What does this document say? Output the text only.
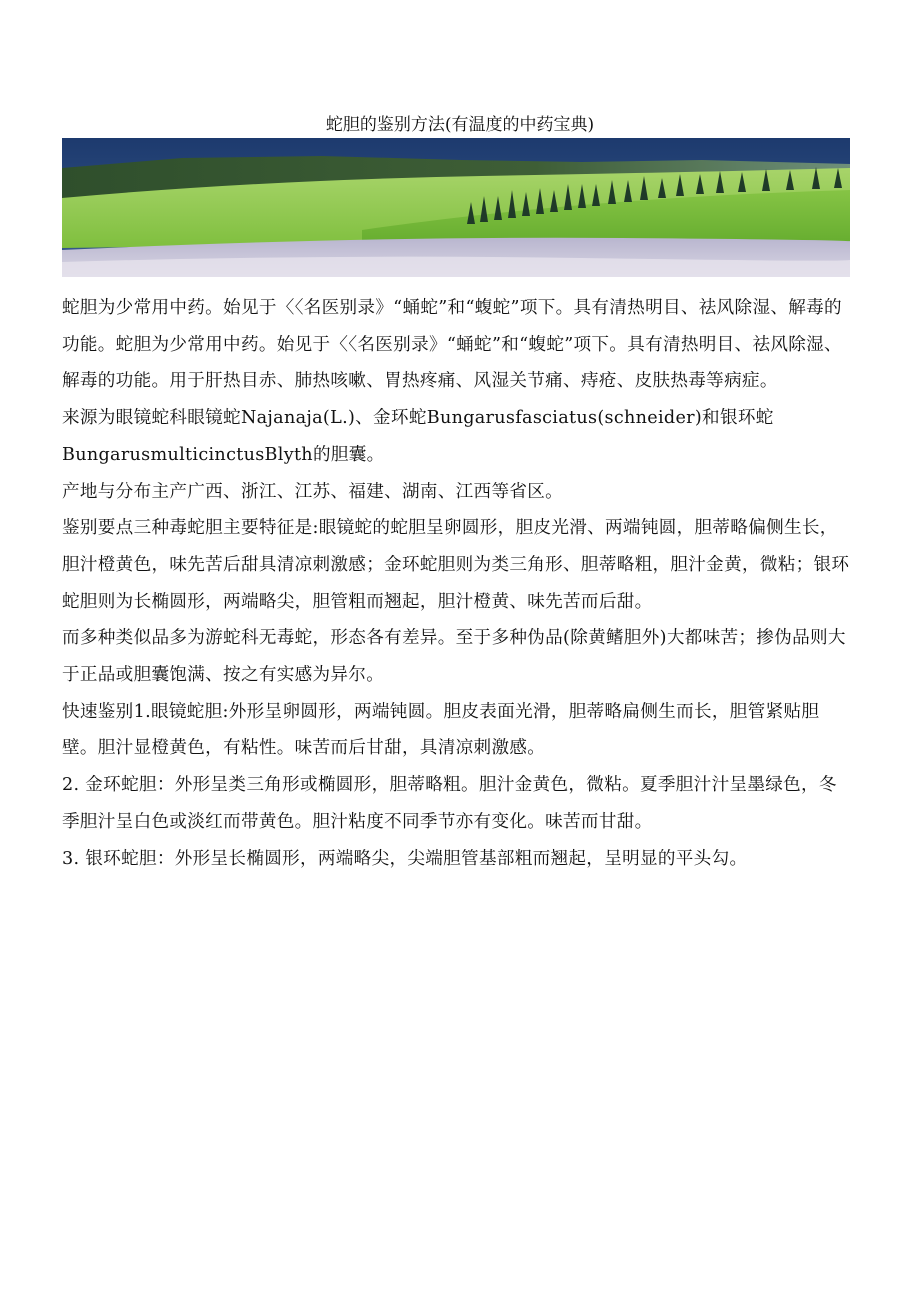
蛇胆的鉴别方法(有温度的中药宝典)

蛇胆为少常用中药。始见于〈〈名医别录》“蛹蛇”和“蝮蛇”项下。具有清热明目、祛风除湿、解毒的功能。蛇胆为少常用中药。始见于〈〈名医别录》“蛹蛇”和“蝮蛇”项下。具有清热明目、祛风除湿、解毒的功能。用于肝热目赤、肺热咳嗽、胃热疼痛、风湿关节痛、痔疮、皮肤热毒等病症。

来源为眼镜蛇科眼镜蛇Najanaja(L.)、金环蛇Bungarusfasciatus(schneider)和银环蛇BungarusmulticinctusBlyth的胆囊。

产地与分布主产广西、浙江、江苏、福建、湖南、江西等省区。

鉴别要点三种毒蛇胆主要特征是:眼镜蛇的蛇胆呈卵圆形，胆皮光滑、两端钝圆，胆蒂略偏侧生长，胆汁橙黄色，味先苦后甜具清凉刺激感；金环蛇胆则为类三角形、胆蒂略粗，胆汁金黄，微粘；银环蛇胆则为长椭圆形，两端略尖，胆管粗而翘起，胆汁橙黄、味先苦而后甜。

而多种类似品多为游蛇科无毒蛇，形态各有差异。至于多种伪品(除黄鳍胆外)大都味苦；掺伪品则大于正品或胆囊饱满、按之有实感为异尔。

快速鉴别1.眼镜蛇胆:外形呈卵圆形，两端钝圆。胆皮表面光滑，胆蒂略扁侧生而长，胆管紧贴胆壁。胆汁显橙黄色，有粘性。味苦而后甘甜，具清凉刺激感。

2. 金环蛇胆：外形呈类三角形或椭圆形，胆蒂略粗。胆汁金黄色，微粘。夏季胆汁汁呈墨绿色，冬季胆汁呈白色或淡红而带黄色。胆汁粘度不同季节亦有变化。味苦而甘甜。

3. 银环蛇胆：外形呈长椭圆形，两端略尖，尖端胆管基部粗而翘起，呈明显的平头勾。
